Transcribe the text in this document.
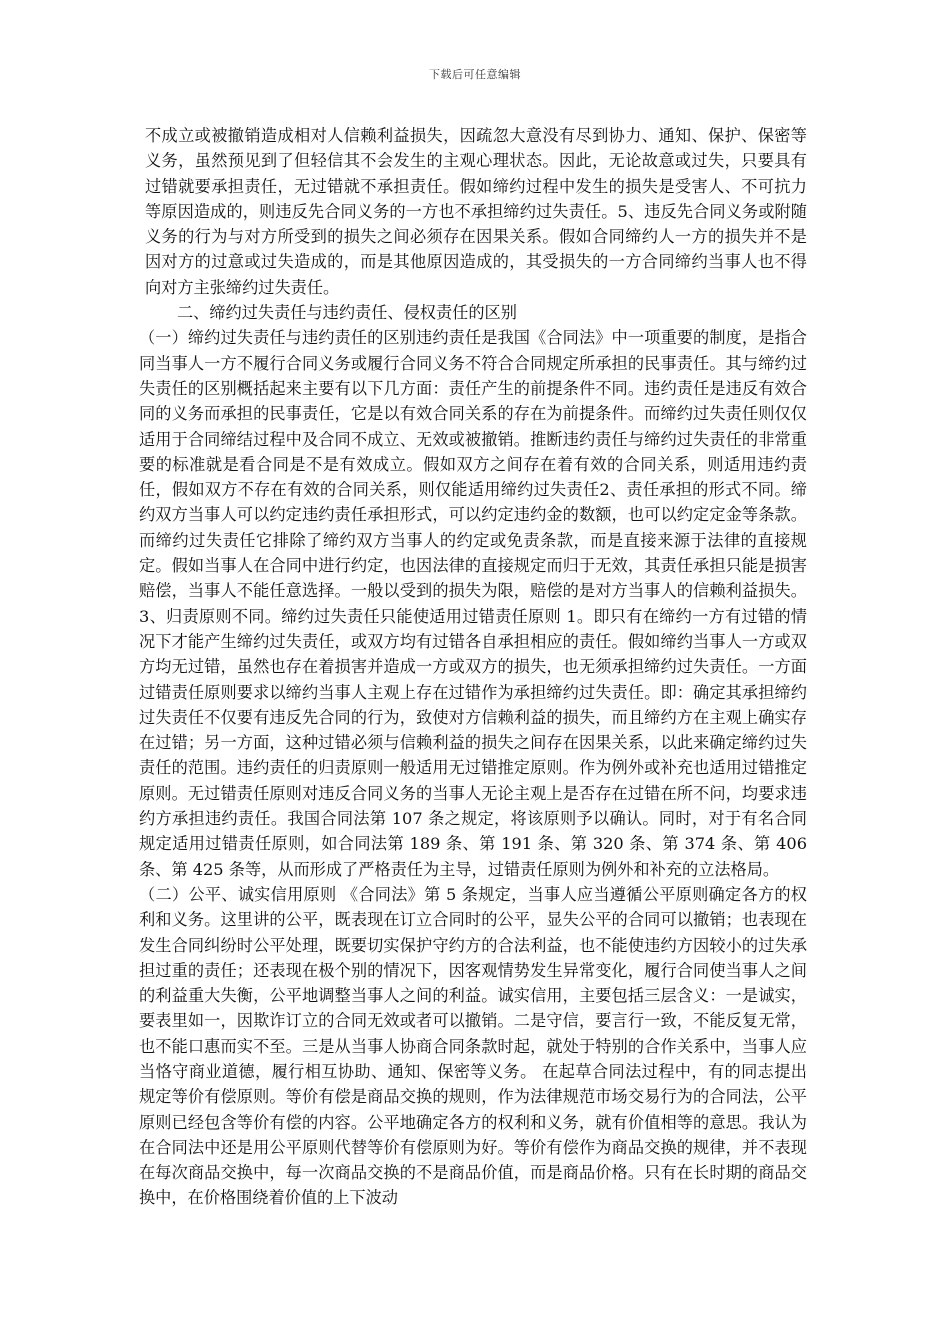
下载后可任意编辑

不成立或被撤销造成相对人信赖利益损失，因疏忽大意没有尽到协力、通知、保护、保密等义务，虽然预见到了但轻信其不会发生的主观心理状态。因此，无论故意或过失，只要具有过错就要承担责任，无过错就不承担责任。假如缔约过程中发生的损失是受害人、不可抗力等原因造成的，则违反先合同义务的一方也不承担缔约过失责任。5、违反先合同义务或附随义务的行为与对方所受到的损失之间必须存在因果关系。假如合同缔约人一方的损失并不是因对方的过意或过失造成的，而是其他原因造成的，其受损失的一方合同缔约当事人也不得向对方主张缔约过失责任。

二、缔约过失责任与违约责任、侵权责任的区别

（一）缔约过失责任与违约责任的区别违约责任是我国《合同法》中一项重要的制度，是指合同当事人一方不履行合同义务或履行合同义务不符合合同规定所承担的民事责任。其与缔约过失责任的区别概括起来主要有以下几方面：责任产生的前提条件不同。违约责任是违反有效合同的义务而承担的民事责任，它是以有效合同关系的存在为前提条件。而缔约过失责任则仅仅适用于合同缔结过程中及合同不成立、无效或被撤销。推断违约责任与缔约过失责任的非常重要的标准就是看合同是不是有效成立。假如双方之间存在着有效的合同关系，则适用违约责任，假如双方不存在有效的合同关系，则仅能适用缔约过失责任2、责任承担的形式不同。缔约双方当事人可以约定违约责任承担形式，可以约定违约金的数额，也可以约定定金等条款。而缔约过失责任它排除了缔约双方当事人的约定或免责条款，而是直接来源于法律的直接规定。假如当事人在合同中进行约定，也因法律的直接规定而归于无效，其责任承担只能是损害赔偿，当事人不能任意选择。一般以受到的损失为限，赔偿的是对方当事人的信赖利益损失。3、归责原则不同。缔约过失责任只能使适用过错责任原则 1。即只有在缔约一方有过错的情况下才能产生缔约过失责任，或双方均有过错各自承担相应的责任。假如缔约当事人一方或双方均无过错，虽然也存在着损害并造成一方或双方的损失，也无须承担缔约过失责任。一方面过错责任原则要求以缔约当事人主观上存在过错作为承担缔约过失责任。即：确定其承担缔约过失责任不仅要有违反先合同的行为，致使对方信赖利益的损失，而且缔约方在主观上确实存在过错；另一方面，这种过错必须与信赖利益的损失之间存在因果关系，以此来确定缔约过失责任的范围。违约责任的归责原则一般适用无过错推定原则。作为例外或补充也适用过错推定原则。无过错责任原则对违反合同义务的当事人无论主观上是否存在过错在所不问，均要求违约方承担违约责任。我国合同法第 107 条之规定，将该原则予以确认。同时，对于有名合同规定适用过错责任原则，如合同法第 189 条、第 191 条、第 320 条、第 374 条、第 406 条、第 425 条等，从而形成了严格责任为主导，过错责任原则为例外和补充的立法格局。

（二）公平、诚实信用原则 《合同法》第 5 条规定，当事人应当遵循公平原则确定各方的权利和义务。这里讲的公平，既表现在订立合同时的公平，显失公平的合同可以撤销；也表现在发生合同纠纷时公平处理，既要切实保护守约方的合法利益，也不能使违约方因较小的过失承担过重的责任；还表现在极个别的情况下，因客观情势发生异常变化，履行合同使当事人之间的利益重大失衡，公平地调整当事人之间的利益。诚实信用，主要包括三层含义：一是诚实，要表里如一，因欺诈订立的合同无效或者可以撤销。二是守信，要言行一致，不能反复无常，也不能口惠而实不至。三是从当事人协商合同条款时起，就处于特别的合作关系中，当事人应当恪守商业道德，履行相互协助、通知、保密等义务。 在起草合同法过程中，有的同志提出规定等价有偿原则。等价有偿是商品交换的规则，作为法律规范市场交易行为的合同法，公平原则已经包含等价有偿的内容。公平地确定各方的权利和义务，就有价值相等的意思。我认为在合同法中还是用公平原则代替等价有偿原则为好。等价有偿作为商品交换的规律，并不表现在每次商品交换中，每一次商品交换的不是商品价值，而是商品价格。只有在长时期的商品交换中，在价格围绕着价值的上下波动
